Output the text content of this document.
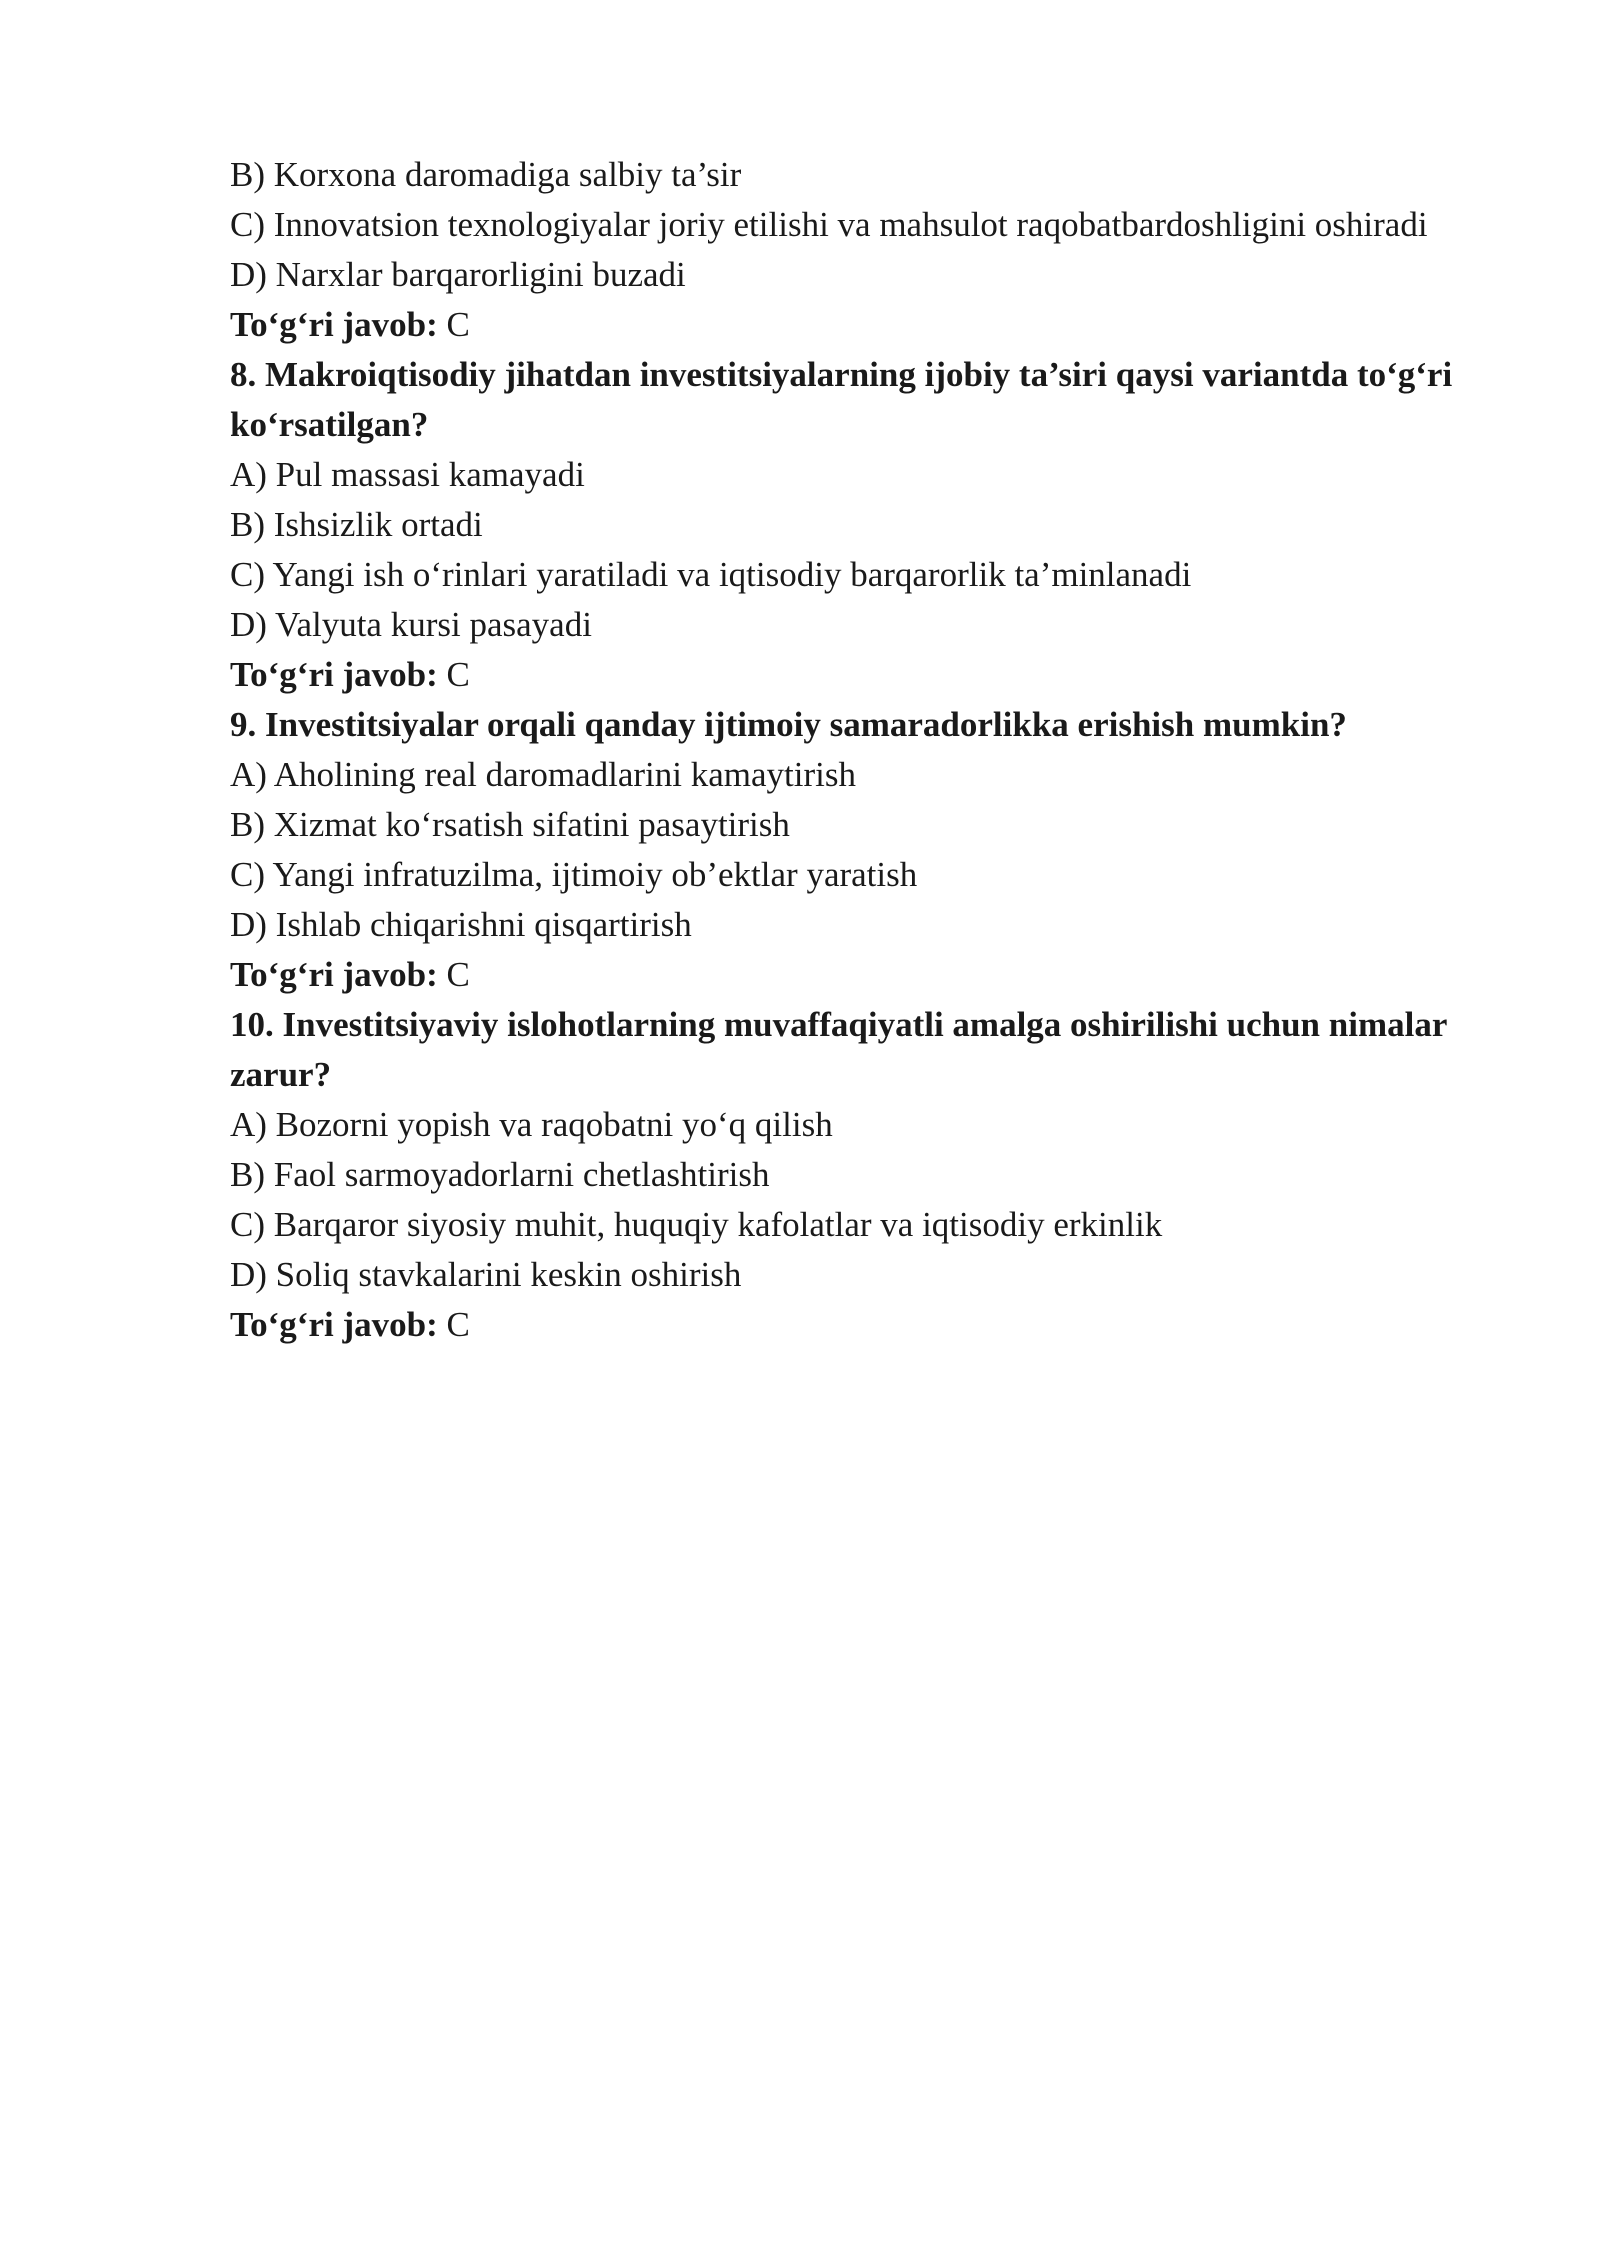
B) Korxona daromadiga salbiy ta’sir

C) Innovatsion texnologiyalar joriy etilishi va mahsulot raqobatbardoshligini oshiradi

D) Narxlar barqarorligini buzadi

To‘g‘ri javob: C

8. Makroiqtisodiy jihatdan investitsiyalarning ijobiy ta’siri qaysi variantda to‘g‘ri ko‘rsatilgan?

A) Pul massasi kamayadi

B) Ishsizlik ortadi

C) Yangi ish o‘rinlari yaratiladi va iqtisodiy barqarorlik ta’minlanadi

D) Valyuta kursi pasayadi

To‘g‘ri javob: C

9. Investitsiyalar orqali qanday ijtimoiy samaradorlikka erishish mumkin?

A) Aholining real daromadlarini kamaytirish

B) Xizmat ko‘rsatish sifatini pasaytirish

C) Yangi infratuzilma, ijtimoiy ob’ektlar yaratish

D) Ishlab chiqarishni qisqartirish

To‘g‘ri javob: C

10. Investitsiyaviy islohotlarning muvaffaqiyatli amalga oshirilishi uchun nimalar zarur?

A) Bozorni yopish va raqobatni yo‘q qilish

B) Faol sarmoyadorlarni chetlashtirish

C) Barqaror siyosiy muhit, huquqiy kafolatlar va iqtisodiy erkinlik

D) Soliq stavkalarini keskin oshirish

To‘g‘ri javob: C
